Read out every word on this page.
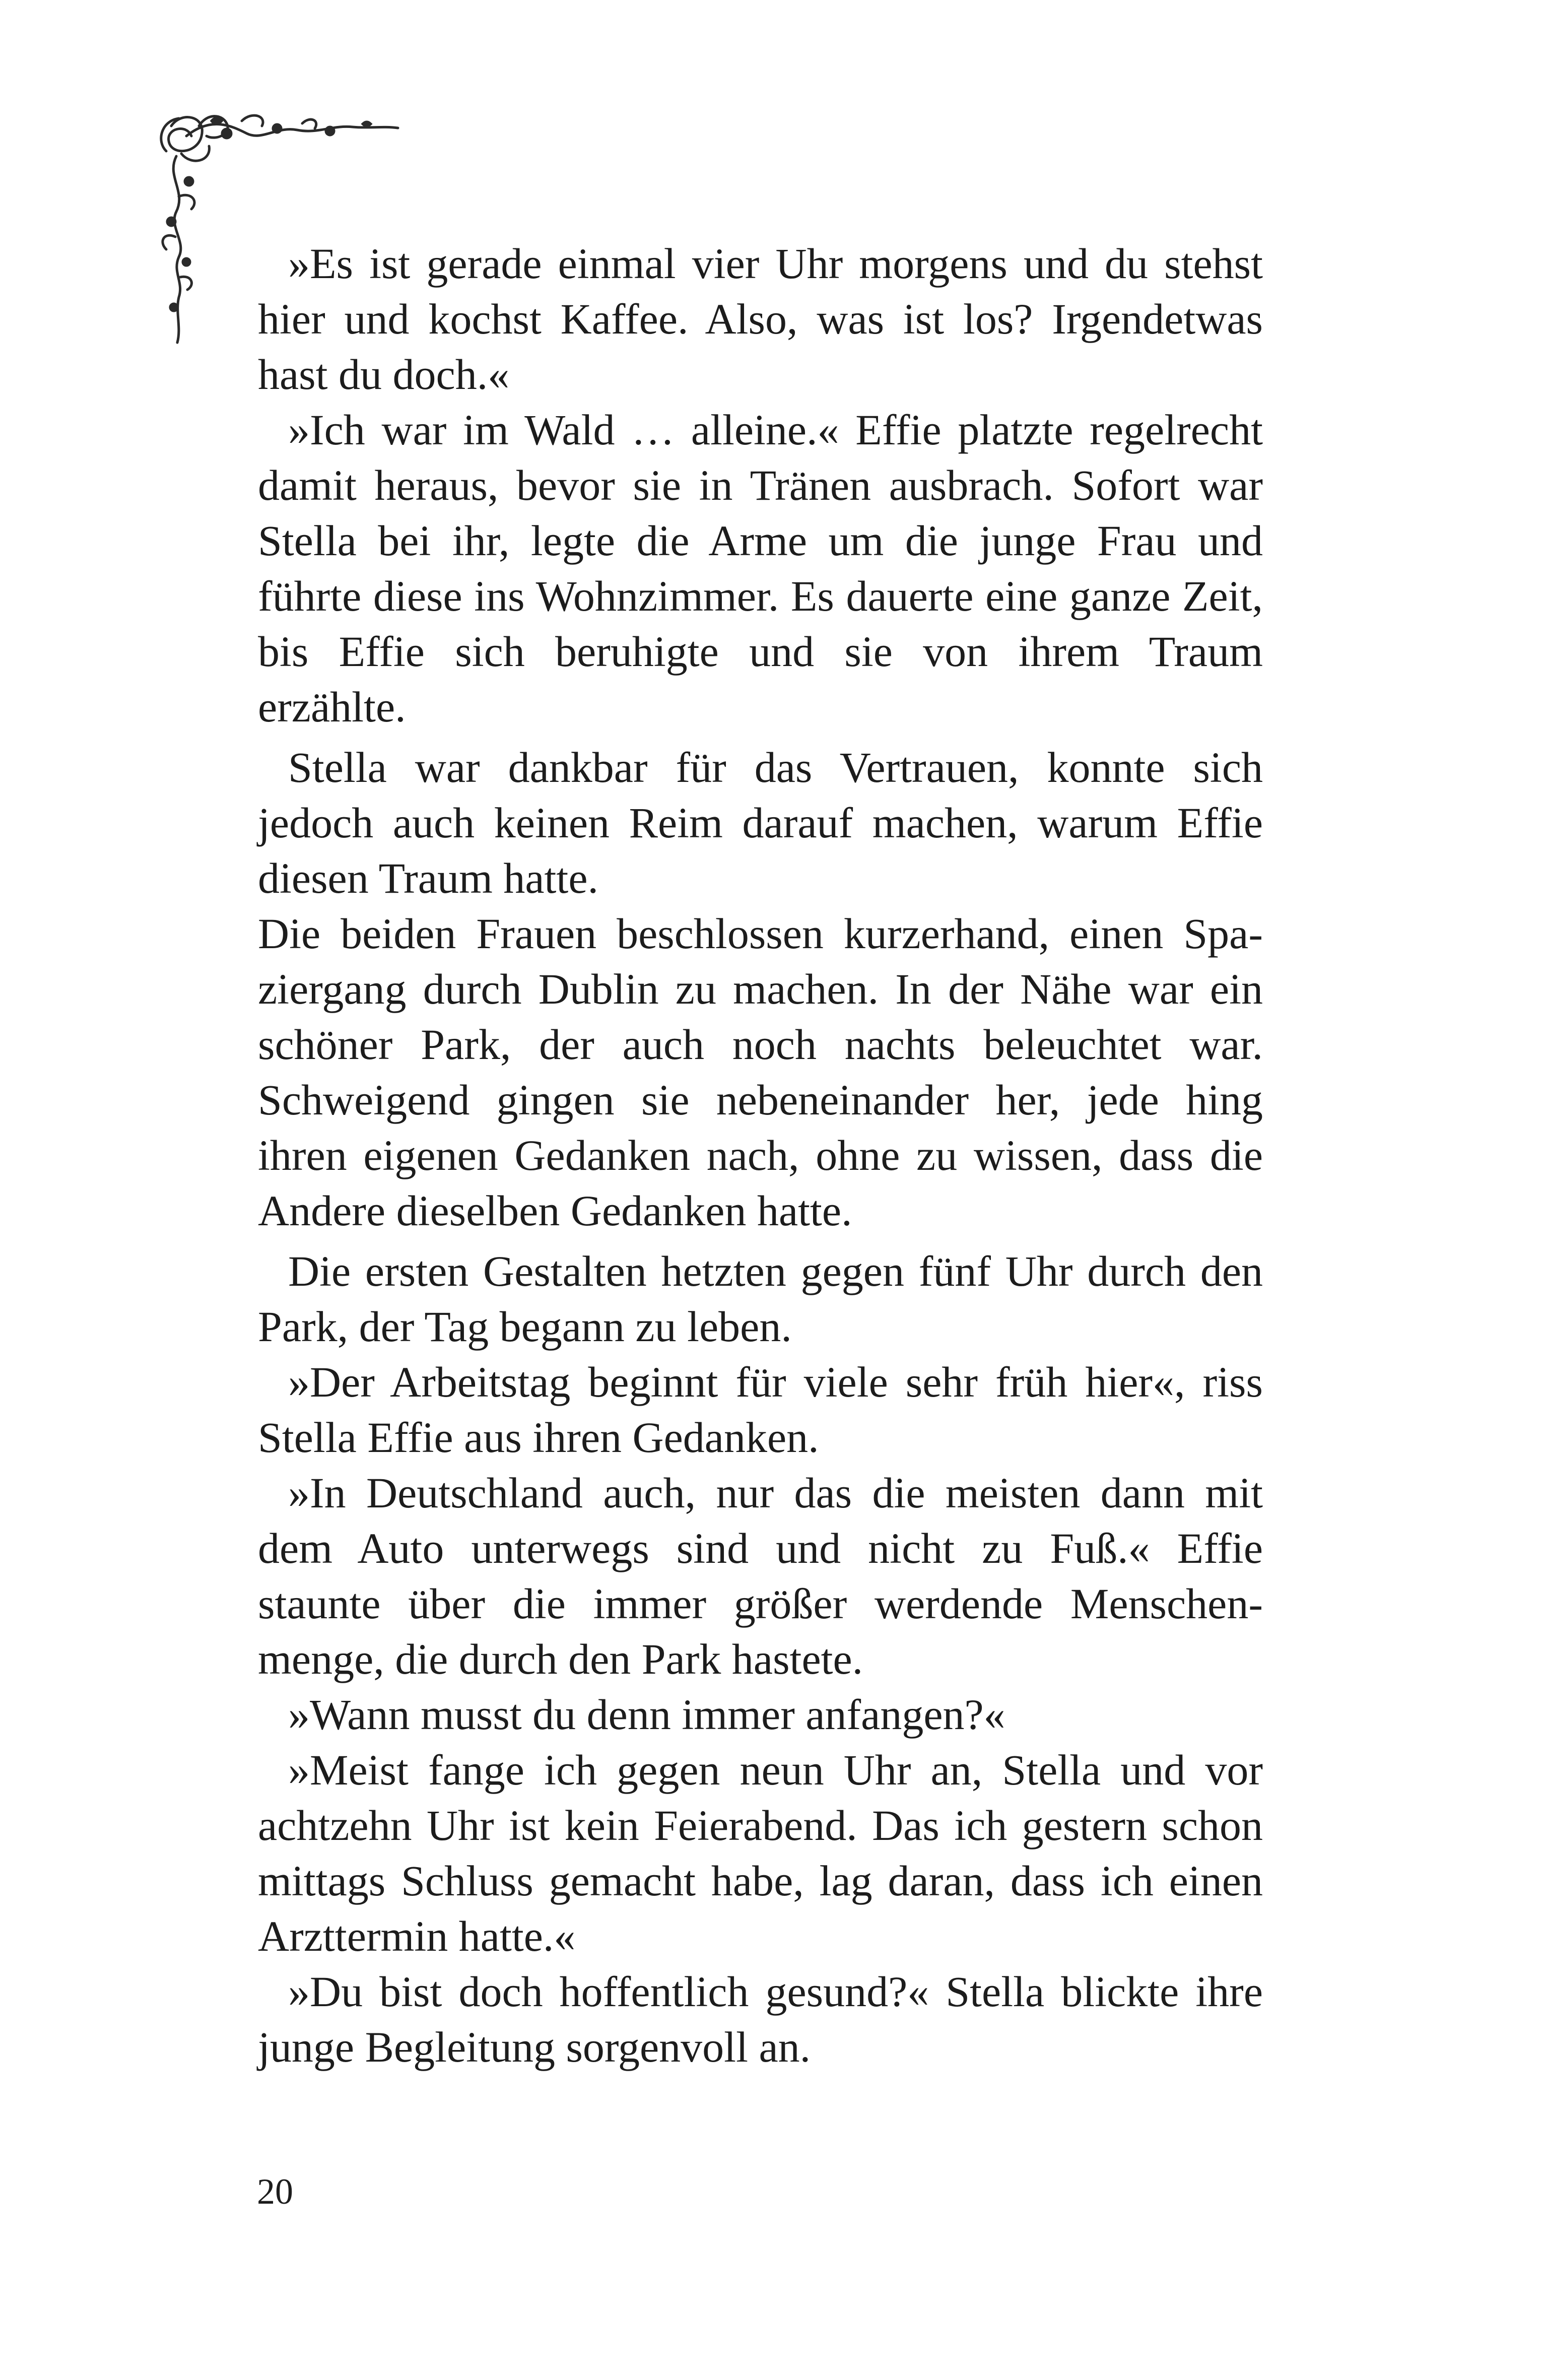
»Es ist gerade einmal vier Uhr morgens und du stehst hier und kochst Kaffee. Also, was ist los? Irgendetwas hast du doch.«

»Ich war im Wald … alleine.« Effie platzte regelrecht damit heraus, bevor sie in Tränen ausbrach. Sofort war Stella bei ihr, legte die Arme um die junge Frau und führte diese ins Wohnzimmer. Es dauerte eine ganze Zeit, bis Effie sich beruhigte und sie von ihrem Traum erzählte.

Stella war dankbar für das Vertrauen, konnte sich jedoch auch keinen Reim darauf machen, warum Effie diesen Traum hatte.

Die beiden Frauen beschlossen kurzerhand, einen Spaziergang durch Dublin zu machen. In der Nähe war ein schöner Park, der auch noch nachts beleuchtet war. Schweigend gingen sie nebeneinander her, jede hing ihren eigenen Gedanken nach, ohne zu wissen, dass die Andere dieselben Gedanken hatte.

Die ersten Gestalten hetzten gegen fünf Uhr durch den Park, der Tag begann zu leben.

»Der Arbeitstag beginnt für viele sehr früh hier«, riss Stella Effie aus ihren Gedanken.

»In Deutschland auch, nur das die meisten dann mit dem Auto unterwegs sind und nicht zu Fuß.« Effie staunte über die immer größer werdende Menschenmenge, die durch den Park hastete.

»Wann musst du denn immer anfangen?«

»Meist fange ich gegen neun Uhr an, Stella und vor achtzehn Uhr ist kein Feierabend. Das ich gestern schon mittags Schluss gemacht habe, lag daran, dass ich einen Arzttermin hatte.«

»Du bist doch hoffentlich gesund?« Stella blickte ihre junge Begleitung sorgenvoll an.

20
